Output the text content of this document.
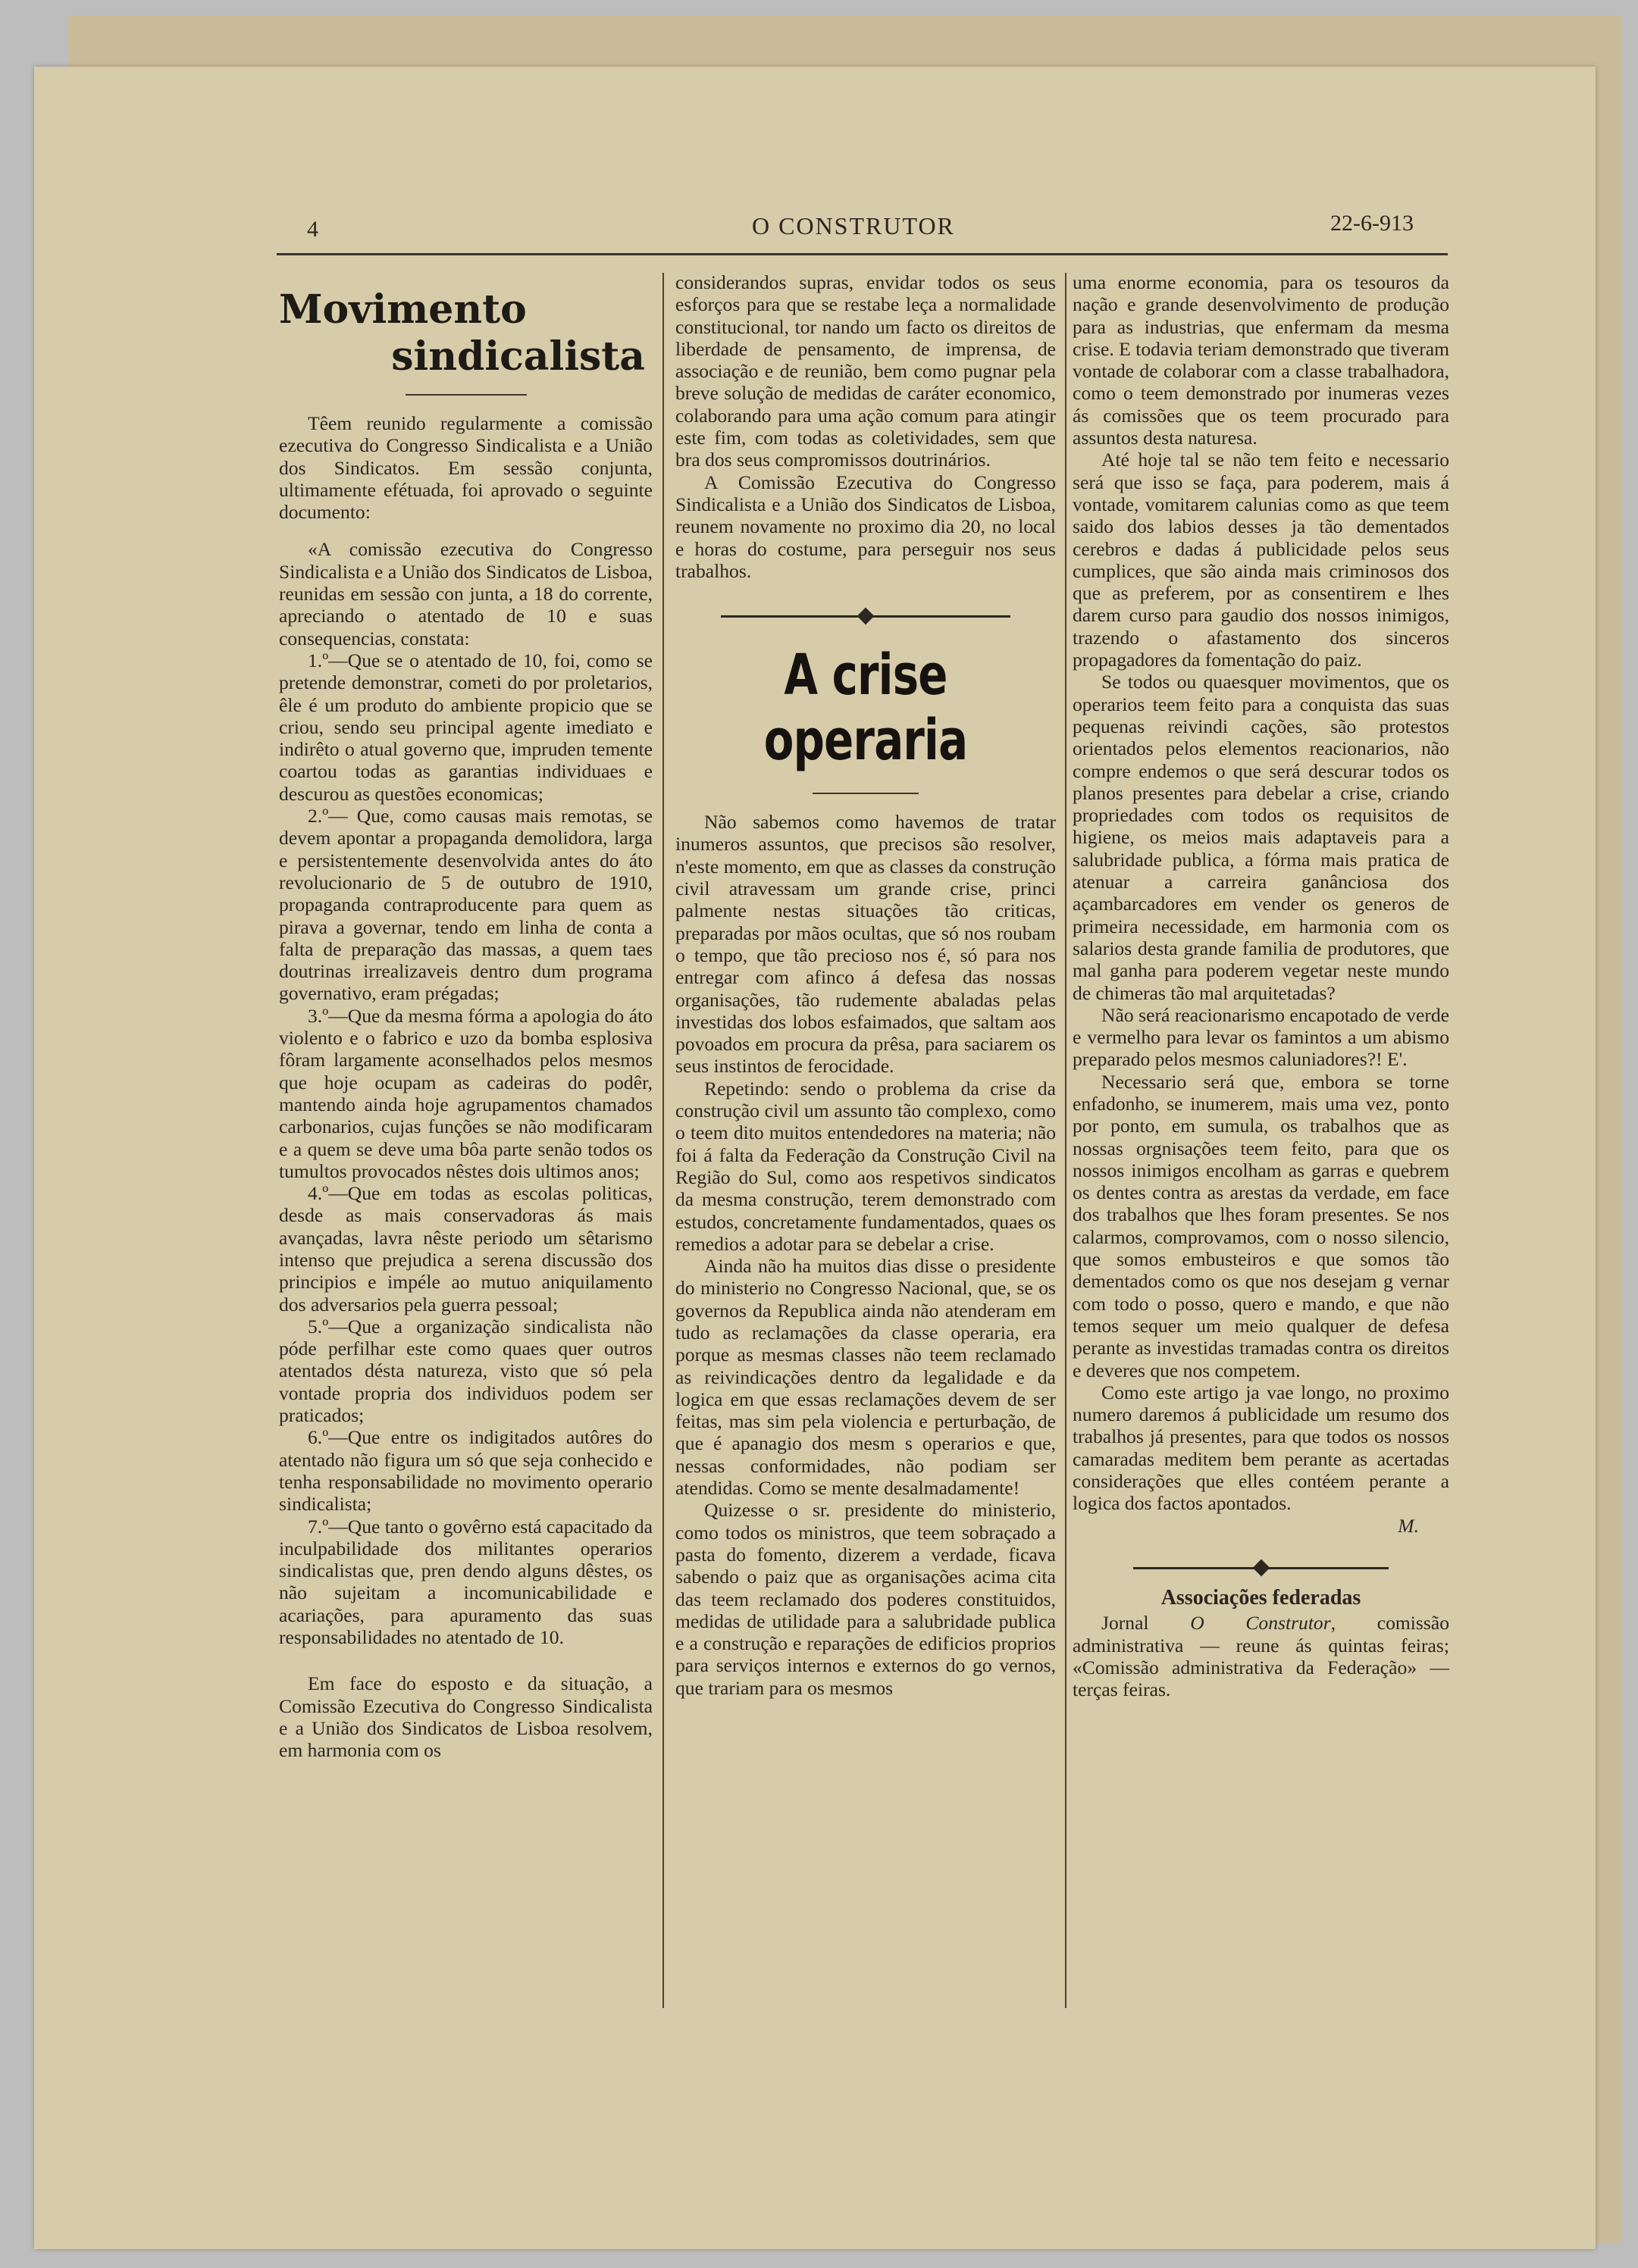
4	O CONSTRUTOR	22-6-913
Movimento
sindicalista

Têem reunido regularmente a comissão ezecutiva do Congresso Sindicalista e a União dos Sindicatos. Em sessão conjunta, ultimamente efétuada, foi aprovado o seguinte documento:

«A comissão ezecutiva do Congresso Sindicalista e a União dos Sindicatos de Lisboa, reunidas em sessão con junta, a 18 do corrente, apreciando o atentado de 10 e suas consequencias, constata:

1.º—Que se o atentado de 10, foi, como se pretende demonstrar, cometi do por proletarios, êle é um produto do ambiente propicio que se criou, sendo seu principal agente imediato e indirêto o atual governo que, impruden temente coartou todas as garantias individuaes e descurou as questões economicas;

2.º— Que, como causas mais remotas, se devem apontar a propaganda demolidora, larga e persistentemente desenvolvida antes do áto revolucionario de 5 de outubro de 1910, propaganda contraproducente para quem as pirava a governar, tendo em linha de conta a falta de preparação das massas, a quem taes doutrinas irrealizaveis dentro dum programa governativo, eram prégadas;

3.º—Que da mesma fórma a apologia do áto violento e o fabrico e uzo da bomba esplosiva fôram largamente aconselhados pelos mesmos que hoje ocupam as cadeiras do podêr, mantendo ainda hoje agrupamentos chamados carbonarios, cujas funções se não modificaram e a quem se deve uma bôa parte senão todos os tumultos provocados nêstes dois ultimos anos;

4.º—Que em todas as escolas politicas, desde as mais conservadoras ás mais avançadas, lavra nêste periodo um sêtarismo intenso que prejudica a serena discussão dos principios e impéle ao mutuo aniquilamento dos adversarios pela guerra pessoal;

5.º—Que a organização sindicalista não póde perfilhar este como quaes quer outros atentados désta natureza, visto que só pela vontade propria dos individuos podem ser praticados;

6.º—Que entre os indigitados autôres do atentado não figura um só que seja conhecido e tenha responsabilidade no movimento operario sindicalista;

7.º—Que tanto o govêrno está capacitado da inculpabilidade dos militantes operarios sindicalistas que, pren dendo alguns dêstes, os não sujeitam a incomunicabilidade e acariações, para apuramento das suas responsabilidades no atentado de 10.

Em face do esposto e da situação, a Comissão Ezecutiva do Congresso Sindicalista e a União dos Sindicatos de Lisboa resolvem, em harmonia com os

considerandos supras, envidar todos os seus esforços para que se restabe leça a normalidade constitucional, tor nando um facto os direitos de liberdade de pensamento, de imprensa, de associação e de reunião, bem como pugnar pela breve solução de medidas de caráter economico, colaborando para uma ação comum para atingir este fim, com todas as coletividades, sem que bra dos seus compromissos doutrinários.

A Comissão Ezecutiva do Congresso Sindicalista e a União dos Sindicatos de Lisboa, reunem novamente no proximo dia 20, no local e horas do costume, para perseguir nos seus trabalhos.

A crise operaria

Não sabemos como havemos de tratar inumeros assuntos, que precisos são resolver, n'este momento, em que as classes da construção civil atravessam um grande crise, princi palmente nestas situações tão criticas, preparadas por mãos ocultas, que só nos roubam o tempo, que tão precioso nos é, só para nos entregar com afinco á defesa das nossas organisações, tão rudemente abaladas pelas investidas dos lobos esfaimados, que saltam aos povoados em procura da prêsa, para saciarem os seus instintos de ferocidade.

Repetindo: sendo o problema da crise da construção civil um assunto tão complexo, como o teem dito muitos entendedores na materia; não foi á falta da Federação da Construção Civil na Região do Sul, como aos respetivos sindicatos da mesma construção, terem demonstrado com estudos, concretamente fundamentados, quaes os remedios a adotar para se debelar a crise.

Ainda não ha muitos dias disse o presidente do ministerio no Congresso Nacional, que, se os governos da Republica ainda não atenderam em tudo as reclamações da classe operaria, era porque as mesmas classes não teem reclamado as reivindicações dentro da legalidade e da logica em que essas reclamações devem de ser feitas, mas sim pela violencia e perturbação, de que é apanagio dos mesm s operarios e que, nessas conformidades, não podiam ser atendidas. Como se mente desalmadamente!

Quizesse o sr. presidente do ministerio, como todos os ministros, que teem sobraçado a pasta do fomento, dizerem a verdade, ficava sabendo o paiz que as organisações acima cita das teem reclamado dos poderes constituidos, medidas de utilidade para a salubridade publica e a construção e reparações de edificios proprios para serviços internos e externos do go vernos, que trariam para os mesmos

uma enorme economia, para os tesouros da nação e grande desenvolvimento de produção para as industrias, que enfermam da mesma crise. E todavia teriam demonstrado que tiveram vontade de colaborar com a classe trabalhadora, como o teem demonstrado por inumeras vezes ás comissões que os teem procurado para assuntos desta naturesa.

Até hoje tal se não tem feito e necessario será que isso se faça, para poderem, mais á vontade, vomitarem calunias como as que teem saido dos labios desses ja tão dementados cerebros e dadas á publicidade pelos seus cumplices, que são ainda mais criminosos dos que as preferem, por as consentirem e lhes darem curso para gaudio dos nossos inimigos, trazendo o afastamento dos sinceros propagadores da fomentação do paiz.

Se todos ou quaesquer movimentos, que os operarios teem feito para a conquista das suas pequenas reivindi cações, são protestos orientados pelos elementos reacionarios, não compre endemos o que será descurar todos os planos presentes para debelar a crise, criando propriedades com todos os requisitos de higiene, os meios mais adaptaveis para a salubridade publica, a fórma mais pratica de atenuar a carreira ganânciosa dos açambarcadores em vender os generos de primeira necessidade, em harmonia com os salarios desta grande familia de produtores, que mal ganha para poderem vegetar neste mundo de chimeras tão mal arquitetadas?

Não será reacionarismo encapotado de verde e vermelho para levar os famintos a um abismo preparado pelos mesmos caluniadores?! E'.

Necessario será que, embora se torne enfadonho, se inumerem, mais uma vez, ponto por ponto, em sumula, os trabalhos que as nossas orgnisações teem feito, para que os nossos inimigos encolham as garras e quebrem os dentes contra as arestas da verdade, em face dos trabalhos que lhes foram presentes. Se nos calarmos, comprovamos, com o nosso silencio, que somos embusteiros e que somos tão dementados como os que nos desejam g vernar com todo o posso, quero e mando, e que não temos sequer um meio qualquer de defesa perante as investidas tramadas contra os direitos e deveres que nos competem.

Como este artigo ja vae longo, no proximo numero daremos á publicidade um resumo dos trabalhos já presentes, para que todos os nossos camaradas meditem bem perante as acertadas considerações que elles contéem perante a logica dos factos apontados.

M.
Associações federadas

Jornal O Construtor, comissão administrativa — reune ás quintas feiras; «Comissão administrativa da Federação» — terças feiras.
